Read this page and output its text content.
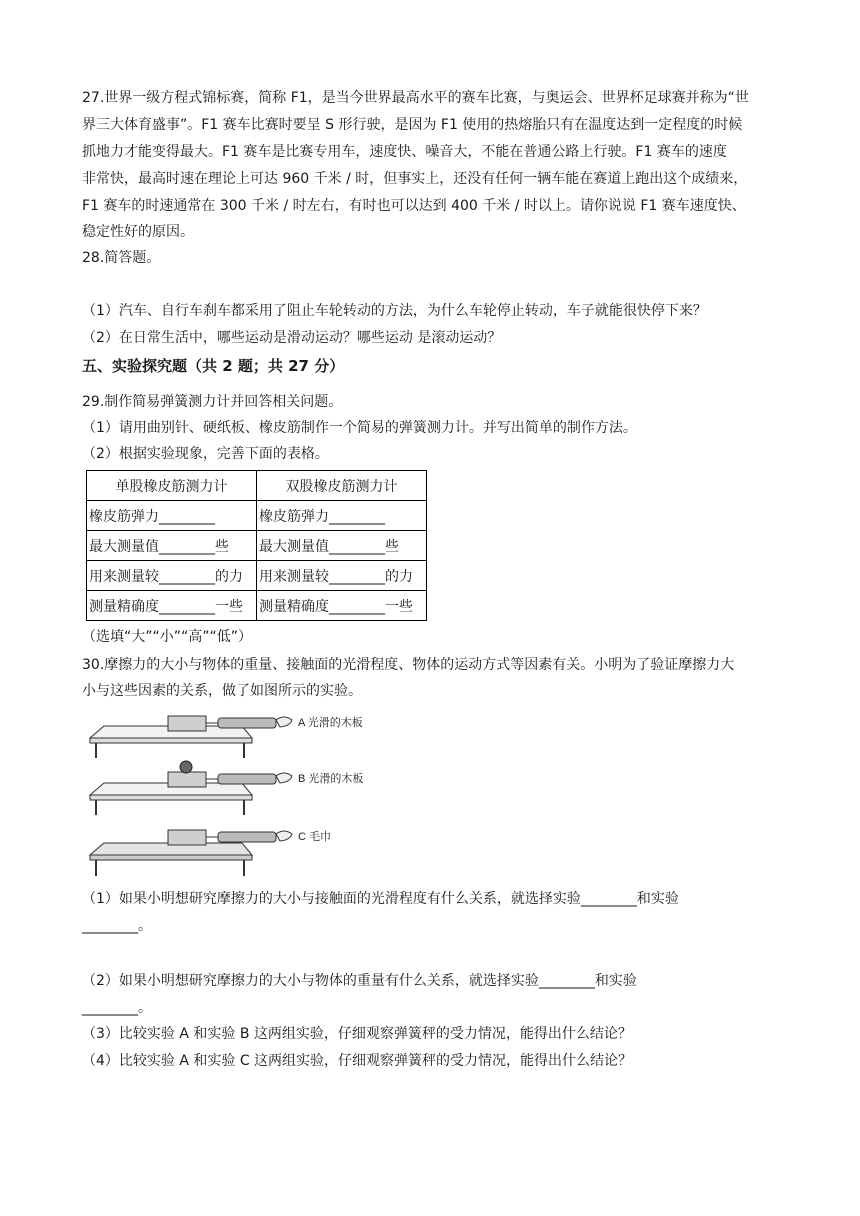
27.世界一级方程式锦标赛，简称 F1，是当今世界最高水平的赛车比赛，与奥运会、世界杯足球赛并称为“世
界三大体育盛事”。F1 赛车比赛时要呈 S 形行驶，是因为 F1 使用的热熔胎只有在温度达到一定程度的时候
抓地力才能变得最大。F1 赛车是比赛专用车，速度快、噪音大，不能在普通公路上行驶。F1 赛车的速度
非常快，最高时速在理论上可达 960 千米 / 时，但事实上，还没有任何一辆车能在赛道上跑出这个成绩来，
F1 赛车的时速通常在 300 千米 / 时左右，有时也可以达到 400 千米 / 时以上。请你说说 F1 赛车速度快、
稳定性好的原因。
28.简答题。
（1）汽车、自行车刹车都采用了阻止车轮转动的方法，为什么车轮停止转动，车子就能很快停下来？
（2）在日常生活中，哪些运动是滑动运动？哪些运动 是滚动运动？
五、实验探究题（共 2 题；共 27 分）
29.制作简易弹簧测力计并回答相关问题。
（1）请用曲别针、硬纸板、橡皮筋制作一个简易的弹簧测力计。并写出简单的制作方法。
（2）根据实验现象，完善下面的表格。
单股橡皮筋测力计	双股橡皮筋测力计
橡皮筋弹力________	橡皮筋弹力________
最大测量值________些	最大测量值________些
用来测量较________的力	用来测量较________的力
测量精确度________一些	测量精确度________一些
（选填“大”“小”“高”“低”）
30.摩擦力的大小与物体的重量、接触面的光滑程度、物体的运动方式等因素有关。小明为了验证摩擦力大
小与这些因素的关系，做了如图所示的实验。
A 光滑的木板
B 光滑的木板
C 毛巾
（1）如果小明想研究摩擦力的大小与接触面的光滑程度有什么关系，就选择实验________和实验
________。
（2）如果小明想研究摩擦力的大小与物体的重量有什么关系，就选择实验________和实验
________。
（3）比较实验 A 和实验 B 这两组实验，仔细观察弹簧秤的受力情况，能得出什么结论？
（4）比较实验 A 和实验 C 这两组实验，仔细观察弹簧秤的受力情况，能得出什么结论？
